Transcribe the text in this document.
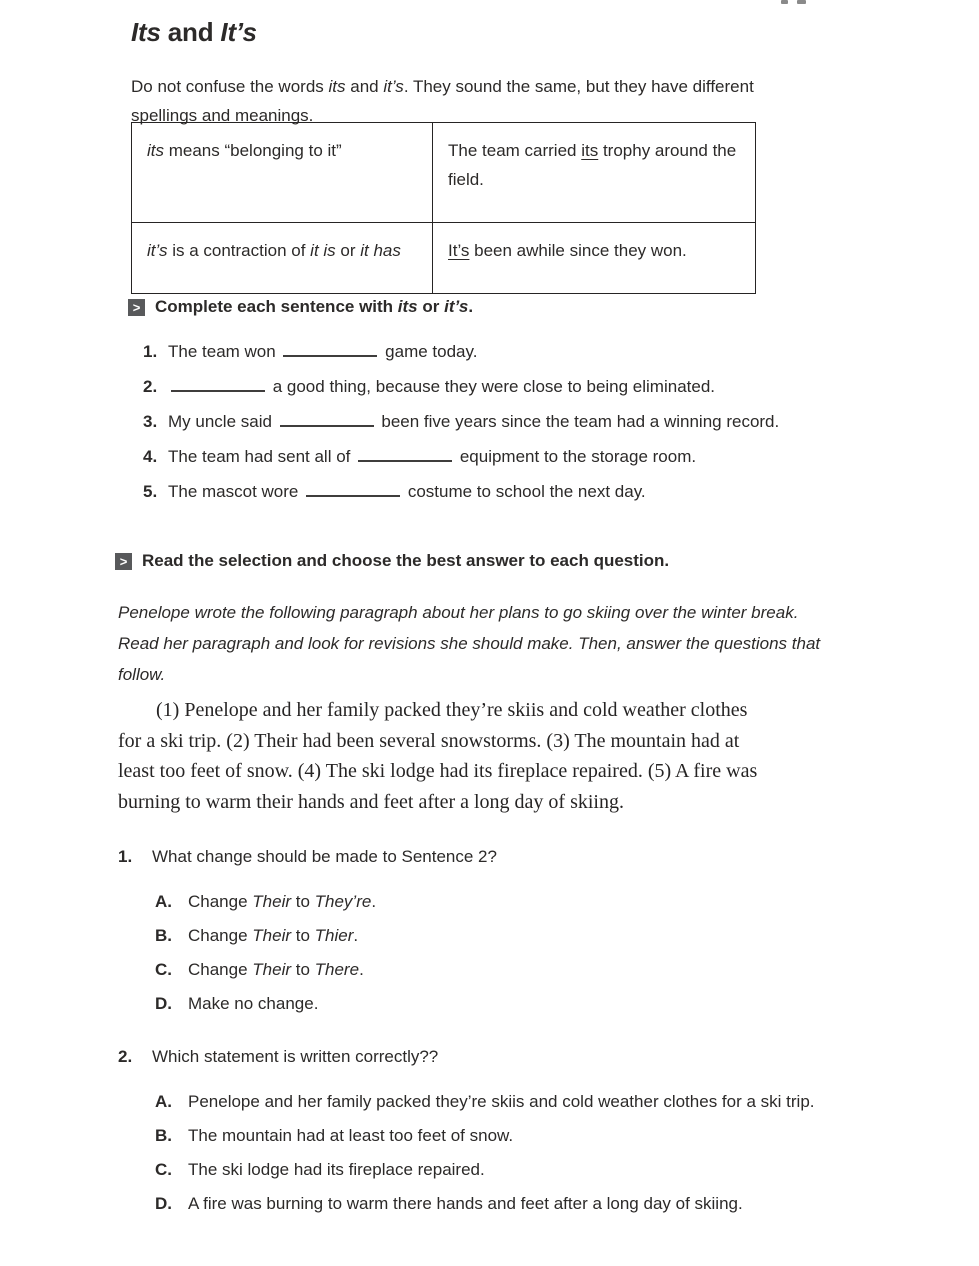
Its and It’s

Do not confuse the words its and it’s. They sound the same, but they have different spellings and meanings.

its means “belonging to it”	The team carried its trophy around the field.
it’s is a contraction of it is or it has	It’s been awhile since they won.
> Complete each sentence with its or it’s.
1. The team won	game today.
2.	a good thing, because they were close to being eliminated.
3. My uncle said	been five years since the team had a winning record.
4. The team had sent all of	equipment to the storage room.
5. The mascot wore	costume to school the next day.
> Read the selection and choose the best answer to each question.

Penelope wrote the following paragraph about her plans to go skiing over the winter break.  Read her paragraph and look for revisions she should make. Then, answer the questions that follow.

(1) Penelope and her family packed they’re skiis and cold weather clothes
for a ski trip. (2) Their had been several snowstorms. (3) The mountain had at
least too feet of snow. (4) The ski lodge had its fireplace repaired. (5) A fire was
burning to warm their hands and feet after a long day of skiing.
1.	What change should be made to Sentence 2?
A. Change Their to They’re.
B. Change Their to Thier.
C. Change Their to There.
D. Make no change.
2.	Which statement is written correctly??
A. Penelope and her family packed they’re skiis and cold weather clothes for a ski trip.
B. The mountain had at least too feet of snow.
C. The ski lodge had its fireplace repaired.
D. A fire was burning to warm there hands and feet after a long day of skiing.
